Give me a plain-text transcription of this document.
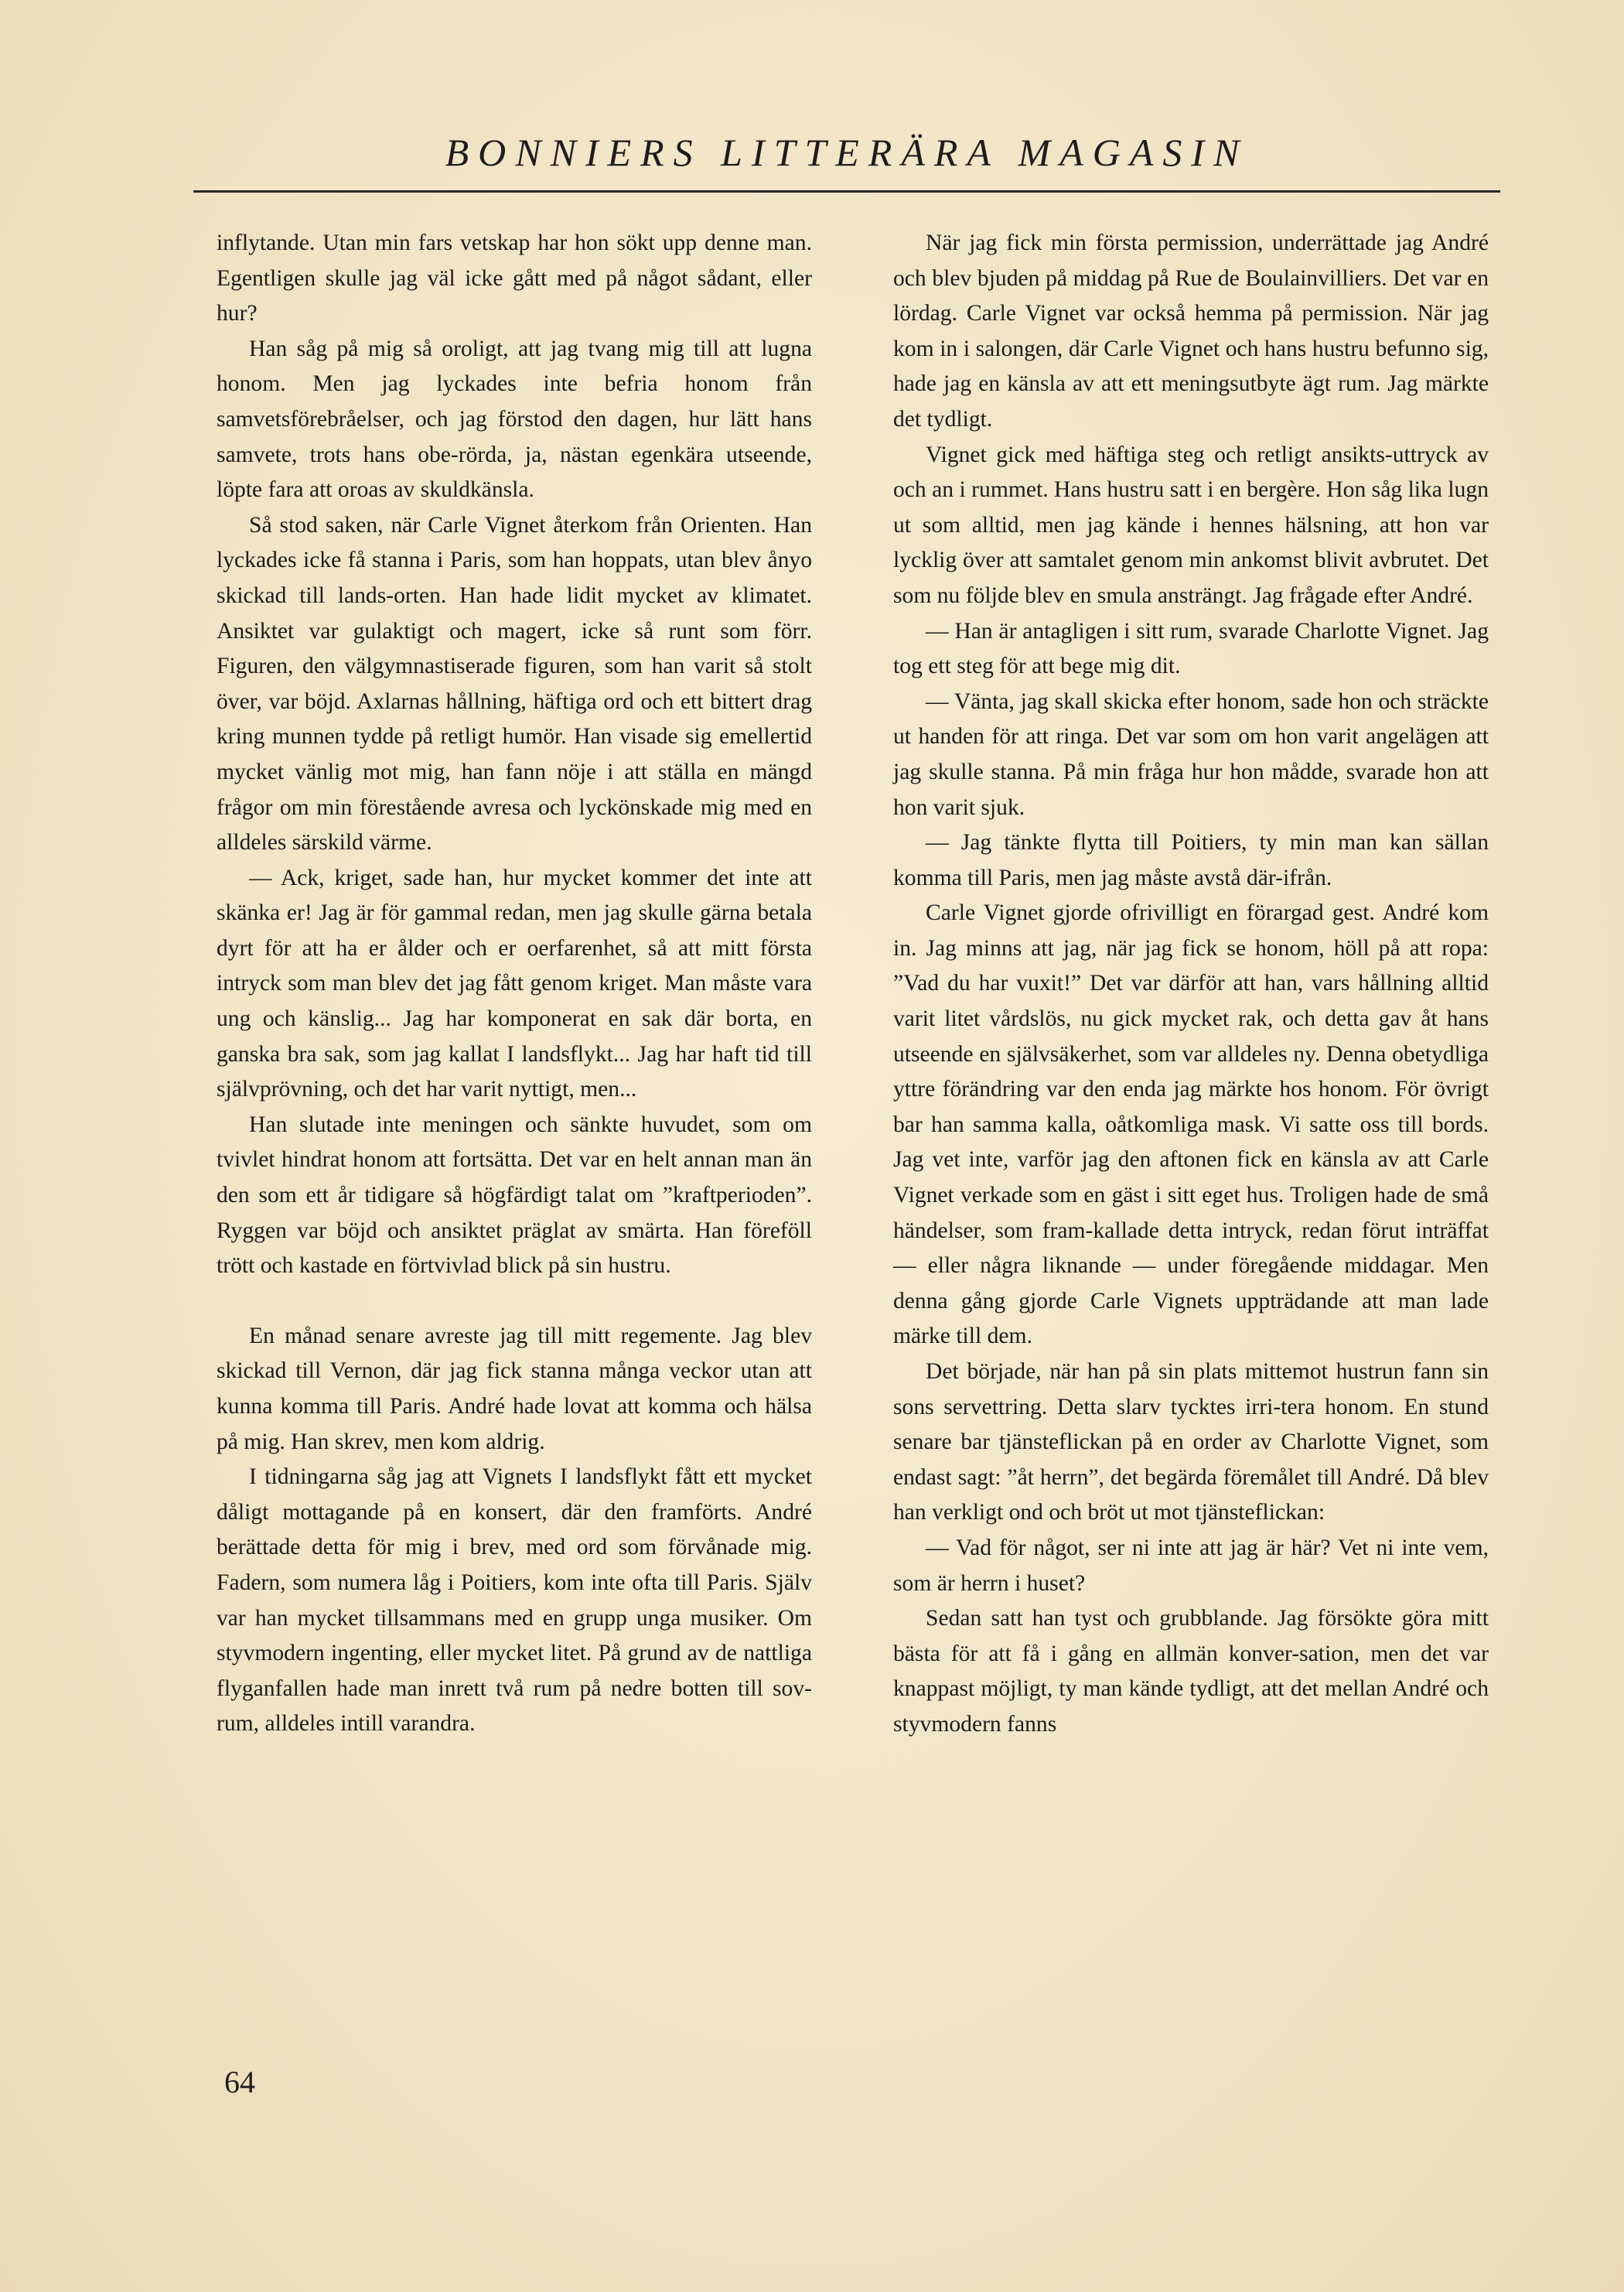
BONNIERS LITTERÄRA MAGASIN

inflytande. Utan min fars vetskap har hon sökt upp denne man. Egentligen skulle jag väl icke gått med på något sådant, eller hur?

Han såg på mig så oroligt, att jag tvang mig till att lugna honom. Men jag lyckades inte befria honom från samvetsförebråelser, och jag förstod den dagen, hur lätt hans samvete, trots hans obe-rörda, ja, nästan egenkära utseende, löpte fara att oroas av skuldkänsla.

Så stod saken, när Carle Vignet återkom från Orienten. Han lyckades icke få stanna i Paris, som han hoppats, utan blev ånyo skickad till lands-orten. Han hade lidit mycket av klimatet. Ansiktet var gulaktigt och magert, icke så runt som förr. Figuren, den välgymnastiserade figuren, som han varit så stolt över, var böjd. Axlarnas hållning, häftiga ord och ett bittert drag kring munnen tydde på retligt humör. Han visade sig emellertid mycket vänlig mot mig, han fann nöje i att ställa en mängd frågor om min förestående avresa och lyckönskade mig med en alldeles särskild värme.

— Ack, kriget, sade han, hur mycket kommer det inte att skänka er! Jag är för gammal redan, men jag skulle gärna betala dyrt för att ha er ålder och er oerfarenhet, så att mitt första intryck som man blev det jag fått genom kriget. Man måste vara ung och känslig... Jag har komponerat en sak där borta, en ganska bra sak, som jag kallat I landsflykt... Jag har haft tid till självprövning, och det har varit nyttigt, men...

Han slutade inte meningen och sänkte huvudet, som om tvivlet hindrat honom att fortsätta. Det var en helt annan man än den som ett år tidigare så högfärdigt talat om ”kraftperioden”. Ryggen var böjd och ansiktet präglat av smärta. Han föreföll trött och kastade en förtvivlad blick på sin hustru.

En månad senare avreste jag till mitt regemente. Jag blev skickad till Vernon, där jag fick stanna många veckor utan att kunna komma till Paris. André hade lovat att komma och hälsa på mig. Han skrev, men kom aldrig.

I tidningarna såg jag att Vignets I landsflykt fått ett mycket dåligt mottagande på en konsert, där den framförts. André berättade detta för mig i brev, med ord som förvånade mig. Fadern, som numera låg i Poitiers, kom inte ofta till Paris. Själv var han mycket tillsammans med en grupp unga musiker. Om styvmodern ingenting, eller mycket litet. På grund av de nattliga flyganfallen hade man inrett två rum på nedre botten till sov-rum, alldeles intill varandra.

När jag fick min första permission, underrättade jag André och blev bjuden på middag på Rue de Boulainvilliers. Det var en lördag. Carle Vignet var också hemma på permission. När jag kom in i salongen, där Carle Vignet och hans hustru befunno sig, hade jag en känsla av att ett meningsutbyte ägt rum. Jag märkte det tydligt.

Vignet gick med häftiga steg och retligt ansikts-uttryck av och an i rummet. Hans hustru satt i en bergère. Hon såg lika lugn ut som alltid, men jag kände i hennes hälsning, att hon var lycklig över att samtalet genom min ankomst blivit avbrutet. Det som nu följde blev en smula ansträngt. Jag frågade efter André.

— Han är antagligen i sitt rum, svarade Charlotte Vignet. Jag tog ett steg för att bege mig dit.

— Vänta, jag skall skicka efter honom, sade hon och sträckte ut handen för att ringa. Det var som om hon varit angelägen att jag skulle stanna. På min fråga hur hon mådde, svarade hon att hon varit sjuk.

— Jag tänkte flytta till Poitiers, ty min man kan sällan komma till Paris, men jag måste avstå där-ifrån.

Carle Vignet gjorde ofrivilligt en förargad gest. André kom in. Jag minns att jag, när jag fick se honom, höll på att ropa: ”Vad du har vuxit!” Det var därför att han, vars hållning alltid varit litet vårdslös, nu gick mycket rak, och detta gav åt hans utseende en självsäkerhet, som var alldeles ny. Denna obetydliga yttre förändring var den enda jag märkte hos honom. För övrigt bar han samma kalla, oåtkomliga mask. Vi satte oss till bords. Jag vet inte, varför jag den aftonen fick en känsla av att Carle Vignet verkade som en gäst i sitt eget hus. Troligen hade de små händelser, som fram-kallade detta intryck, redan förut inträffat — eller några liknande — under föregående middagar. Men denna gång gjorde Carle Vignets uppträdande att man lade märke till dem.

Det började, när han på sin plats mittemot hustrun fann sin sons servettring. Detta slarv tycktes irri-tera honom. En stund senare bar tjänsteflickan på en order av Charlotte Vignet, som endast sagt: ”åt herrn”, det begärda föremålet till André. Då blev han verkligt ond och bröt ut mot tjänsteflickan:

— Vad för något, ser ni inte att jag är här? Vet ni inte vem, som är herrn i huset?

Sedan satt han tyst och grubblande. Jag försökte göra mitt bästa för att få i gång en allmän konver-sation, men det var knappast möjligt, ty man kände tydligt, att det mellan André och styvmodern fanns

64
